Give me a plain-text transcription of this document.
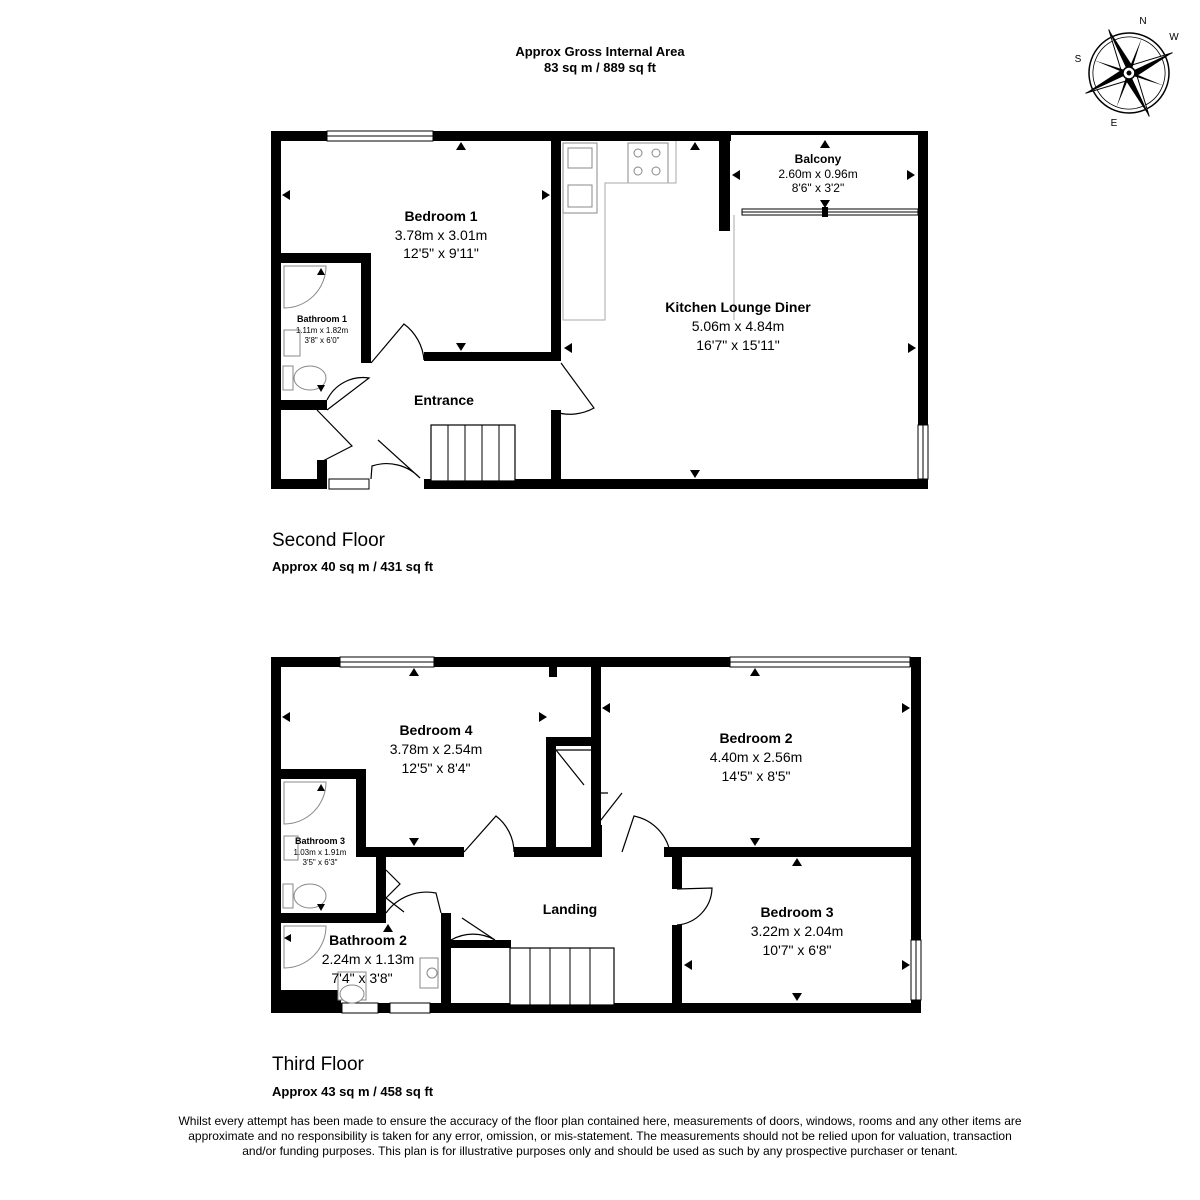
Approx Gross Internal Area
83 sq m / 889 sq ft
Second Floor
Approx 40 sq m / 431 sq ft
Third Floor
Approx 43 sq m / 458 sq ft
Whilst every attempt has been made to ensure the accuracy of the floor plan contained here, measurements of doors, windows, rooms and any other items are approximate and no responsibility is taken for any error, omission, or mis-statement. The measurements should not be relied upon for valuation, transaction and/or funding purposes. This plan is for illustrative purposes only and should be used as such by any prospective purchaser or tenant.
N
E
S
W
Bedroom 1
3.78m x 3.01m
12'5" x 9'11"
Bathroom 1
1.11m x 1.82m
3'8" x 6'0"
Entrance
Kitchen Lounge Diner
5.06m x 4.84m
16'7" x 15'11"
Balcony
2.60m x 0.96m
8'6" x 3'2"
Bedroom 4
3.78m x 2.54m
12'5" x 8'4"
Bedroom 2
4.40m x 2.56m
14'5" x 8'5"
Bathroom 3
1.03m x 1.91m
3'5" x 6'3"
Landing	Bedroom 3
3.22m x 2.04m
10'7" x 6'8"
Bathroom 2
2.24m x 1.13m
7'4" x 3'8"
